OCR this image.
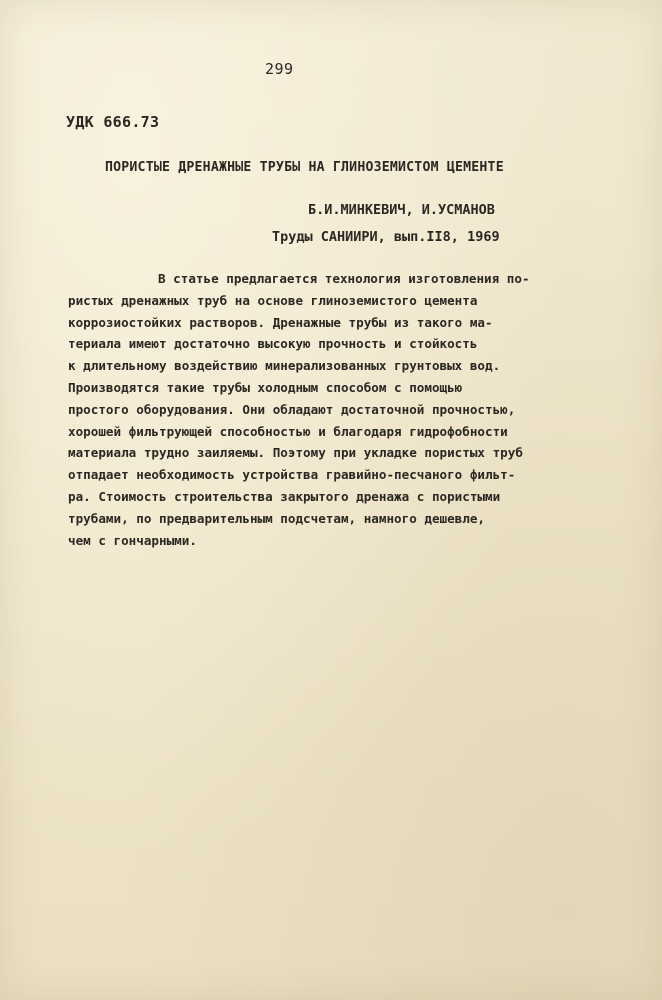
299
УДК 666.73
ПОРИСТЫЕ ДРЕНАЖНЫЕ ТРУБЫ НА ГЛИНОЗЕМИСТОМ ЦЕМЕНТЕ
Б.И.МИНКЕВИЧ, И.УСМАНОВ
Труды САНИИРИ, вып.II8, 1969
В статье предлагается технология изготовления по-
ристых дренажных труб на основе глиноземистого цемента
коррозиостойких растворов. Дренажные трубы из такого ма-
териала имеют достаточно высокую прочность и стойкость
к длительному воздействию минерализованных грунтовых вод.
Производятся такие трубы холодным способом с помощью
простого оборудования. Они обладают достаточной прочностью,
хорошей фильтрующей способностью и благодаря гидрофобности
материала трудно заиляемы. Поэтому при укладке пористых труб
отпадает необходимость устройства гравийно-песчаного фильт-
ра. Стоимость строительства закрытого дренажа с пористыми
трубами, по предварительным подсчетам, намного дешевле,
чем с гончарными.
